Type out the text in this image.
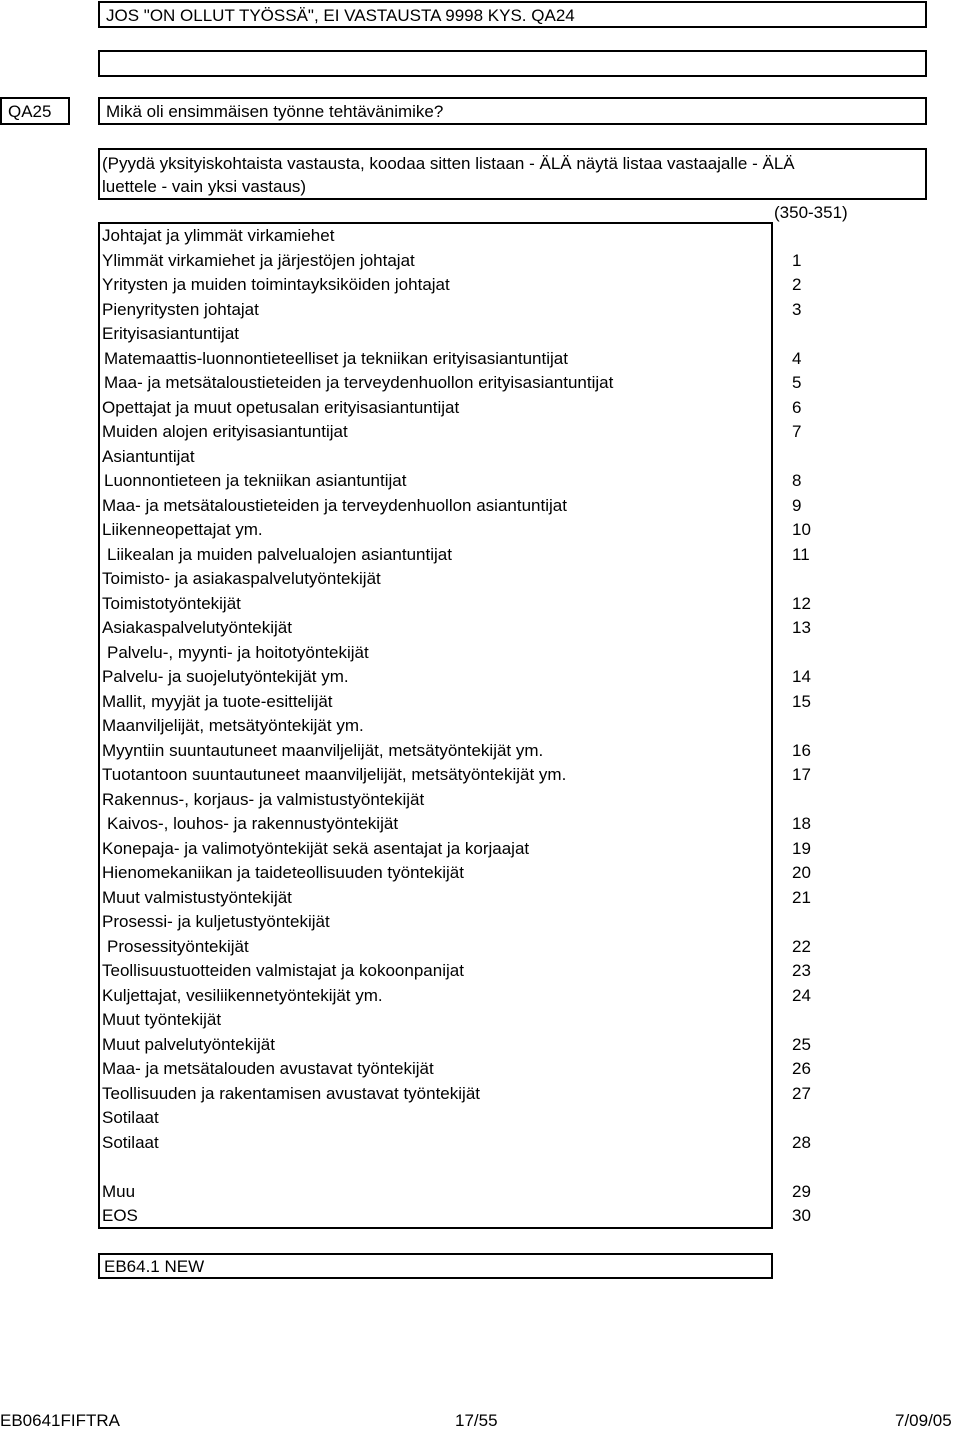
JOS "ON OLLUT TYÖSSÄ", EI VASTAUSTA 9998 KYS. QA24
QA25	Mikä oli ensimmäisen työnne tehtävänimike?
(Pyydä yksityiskohtaista vastausta, koodaa sitten listaan - ÄLÄ näytä listaa vastaajalle - ÄLÄ
luettele - vain yksi vastaus)
(350-351)
Johtajat ja ylimmät virkamiehet
Ylimmät virkamiehet ja järjestöjen johtajat	1
Yritysten ja muiden toimintayksiköiden johtajat	2
Pienyritysten johtajat	3
Erityisasiantuntijat
Matemaattis-luonnontieteelliset ja tekniikan erityisasiantuntijat	4
Maa- ja metsätaloustieteiden ja terveydenhuollon erityisasiantuntijat	5
Opettajat ja muut opetusalan erityisasiantuntijat	6
Muiden alojen erityisasiantuntijat	7
Asiantuntijat
Luonnontieteen ja tekniikan asiantuntijat	8
Maa- ja metsätaloustieteiden ja terveydenhuollon asiantuntijat	9
Liikenneopettajat ym.	10
Liikealan ja muiden palvelualojen asiantuntijat	11
Toimisto- ja asiakaspalvelutyöntekijät
Toimistotyöntekijät	12
Asiakaspalvelutyöntekijät	13
Palvelu-, myynti- ja hoitotyöntekijät
Palvelu- ja suojelutyöntekijät ym.	14
Mallit, myyjät ja tuote-esittelijät	15
Maanviljelijät, metsätyöntekijät ym.
Myyntiin suuntautuneet maanviljelijät, metsätyöntekijät ym.	16
Tuotantoon suuntautuneet maanviljelijät, metsätyöntekijät ym.	17
Rakennus-, korjaus- ja valmistustyöntekijät
Kaivos-, louhos- ja rakennustyöntekijät	18
Konepaja- ja valimotyöntekijät sekä asentajat ja korjaajat	19
Hienomekaniikan ja taideteollisuuden työntekijät	20
Muut valmistustyöntekijät	21
Prosessi- ja kuljetustyöntekijät
Prosessityöntekijät	22
Teollisuustuotteiden valmistajat ja kokoonpanijat	23
Kuljettajat, vesiliikennetyöntekijät ym.	24
Muut työntekijät
Muut palvelutyöntekijät	25
Maa- ja metsätalouden avustavat työntekijät	26
Teollisuuden ja rakentamisen avustavat työntekijät	27
Sotilaat
Sotilaat	28
Muu	29
EOS	30
EB64.1 NEW
EB0641FIFTRA	17/55	7/09/05
